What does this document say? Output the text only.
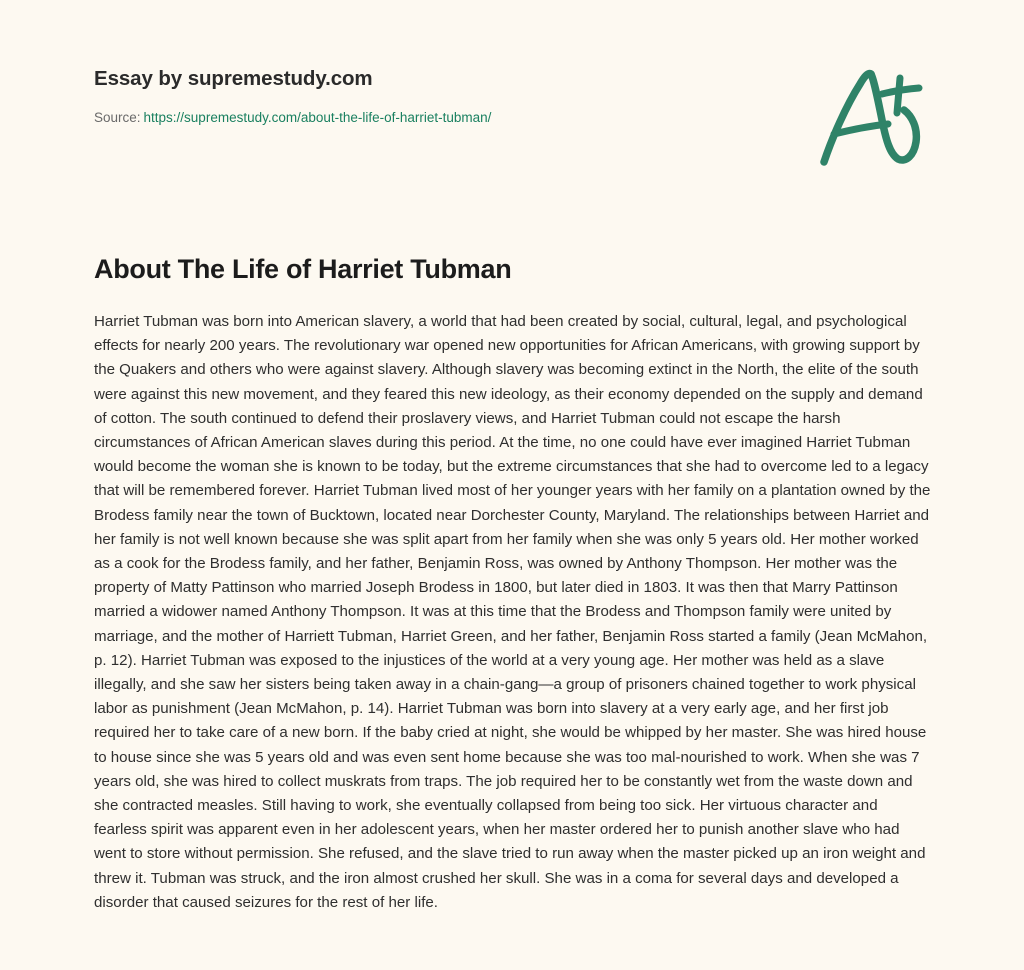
Essay by supremestudy.com
Source: https://supremestudy.com/about-the-life-of-harriet-tubman/
About The Life of Harriet Tubman

Harriet Tubman was born into American slavery, a world that had been created by social, cultural, legal, and psychological effects for nearly 200 years. The revolutionary war opened new opportunities for African Americans, with growing support by the Quakers and others who were against slavery. Although slavery was becoming extinct in the North, the elite of the south were against this new movement, and they feared this new ideology, as their economy depended on the supply and demand of cotton. The south continued to defend their proslavery views, and Harriet Tubman could not escape the harsh circumstances of African American slaves during this period. At the time, no one could have ever imagined Harriet Tubman would become the woman she is known to be today, but the extreme circumstances that she had to overcome led to a legacy that will be remembered forever. Harriet Tubman lived most of her younger years with her family on a plantation owned by the Brodess family near the town of Bucktown, located near Dorchester County, Maryland. The relationships between Harriet and her family is not well known because she was split apart from her family when she was only 5 years old. Her mother worked as a cook for the Brodess family, and her father, Benjamin Ross, was owned by Anthony Thompson. Her mother was the property of Matty Pattinson who married Joseph Brodess in 1800, but later died in 1803. It was then that Marry Pattinson married a widower named Anthony Thompson. It was at this time that the Brodess and Thompson family were united by marriage, and the mother of Harriett Tubman, Harriet Green, and her father, Benjamin Ross started a family (Jean McMahon, p. 12). Harriet Tubman was exposed to the injustices of the world at a very young age. Her mother was held as a slave illegally, and she saw her sisters being taken away in a chain-gang—a group of prisoners chained together to work physical labor as punishment (Jean McMahon, p. 14). Harriet Tubman was born into slavery at a very early age, and her first job required her to take care of a new born. If the baby cried at night, she would be whipped by her master. She was hired house to house since she was 5 years old and was even sent home because she was too mal-nourished to work. When she was 7 years old, she was hired to collect muskrats from traps. The job required her to be constantly wet from the waste down and she contracted measles. Still having to work, she eventually collapsed from being too sick. Her virtuous character and fearless spirit was apparent even in her adolescent years, when her master ordered her to punish another slave who had went to store without permission. She refused, and the slave tried to run away when the master picked up an iron weight and threw it. Tubman was struck, and the iron almost crushed her skull. She was in a coma for several days and developed a disorder that caused seizures for the rest of her life.
